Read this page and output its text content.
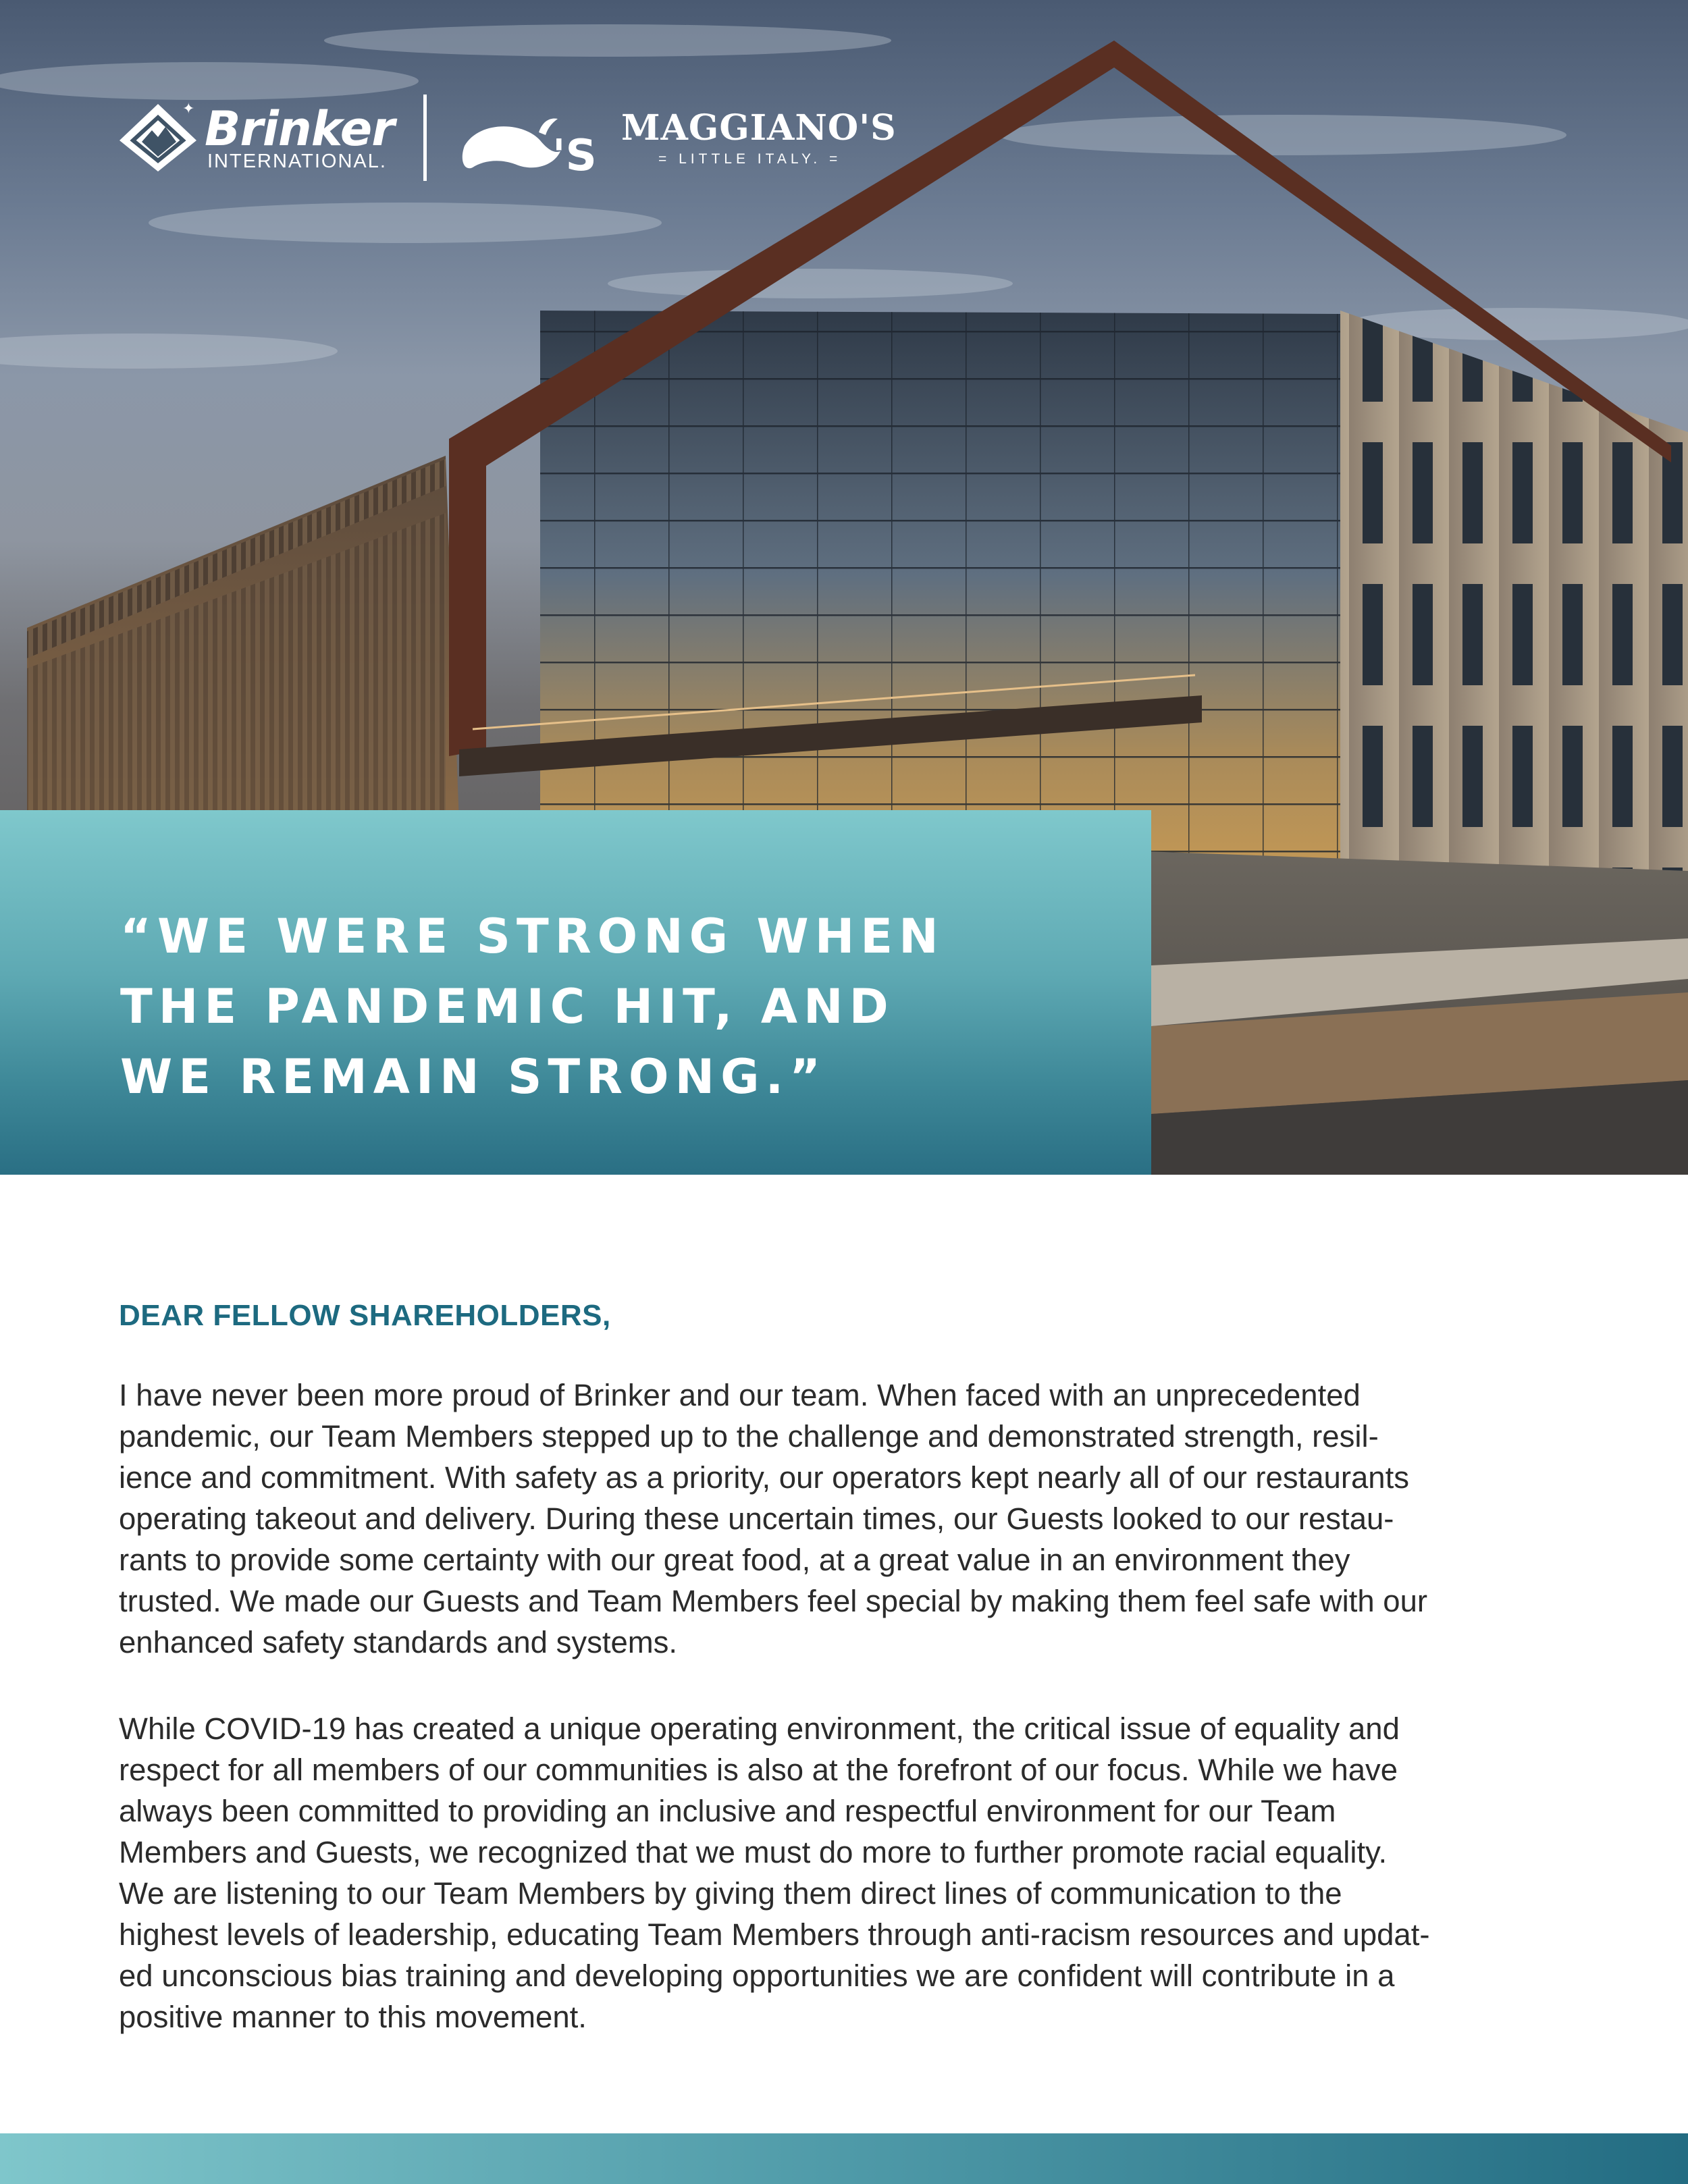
✦ Brinker
INTERNATIONAL.	'S
MAGGIANO'S
= LITTLE ITALY. =

“WE WERE STRONG WHEN
THE PANDEMIC HIT, AND
WE REMAIN STRONG.”

DEAR FELLOW SHAREHOLDERS,

I have never been more proud of Brinker and our team. When faced with an unprecedented
pandemic, our Team Members stepped up to the challenge and demonstrated strength, resil-
ience and commitment. With safety as a priority, our operators kept nearly all of our restaurants
operating takeout and delivery. During these uncertain times, our Guests looked to our restau-
rants to provide some certainty with our great food, at a great value in an environment they
trusted. We made our Guests and Team Members feel special by making them feel safe with our
enhanced safety standards and systems.

While COVID-19 has created a unique operating environment, the critical issue of equality and
respect for all members of our communities is also at the forefront of our focus. While we have
always been committed to providing an inclusive and respectful environment for our Team
Members and Guests, we recognized that we must do more to further promote racial equality.
We are listening to our Team Members by giving them direct lines of communication to the
highest levels of leadership, educating Team Members through anti-racism resources and updat-
ed unconscious bias training and developing opportunities we are confident will contribute in a
positive manner to this movement.
